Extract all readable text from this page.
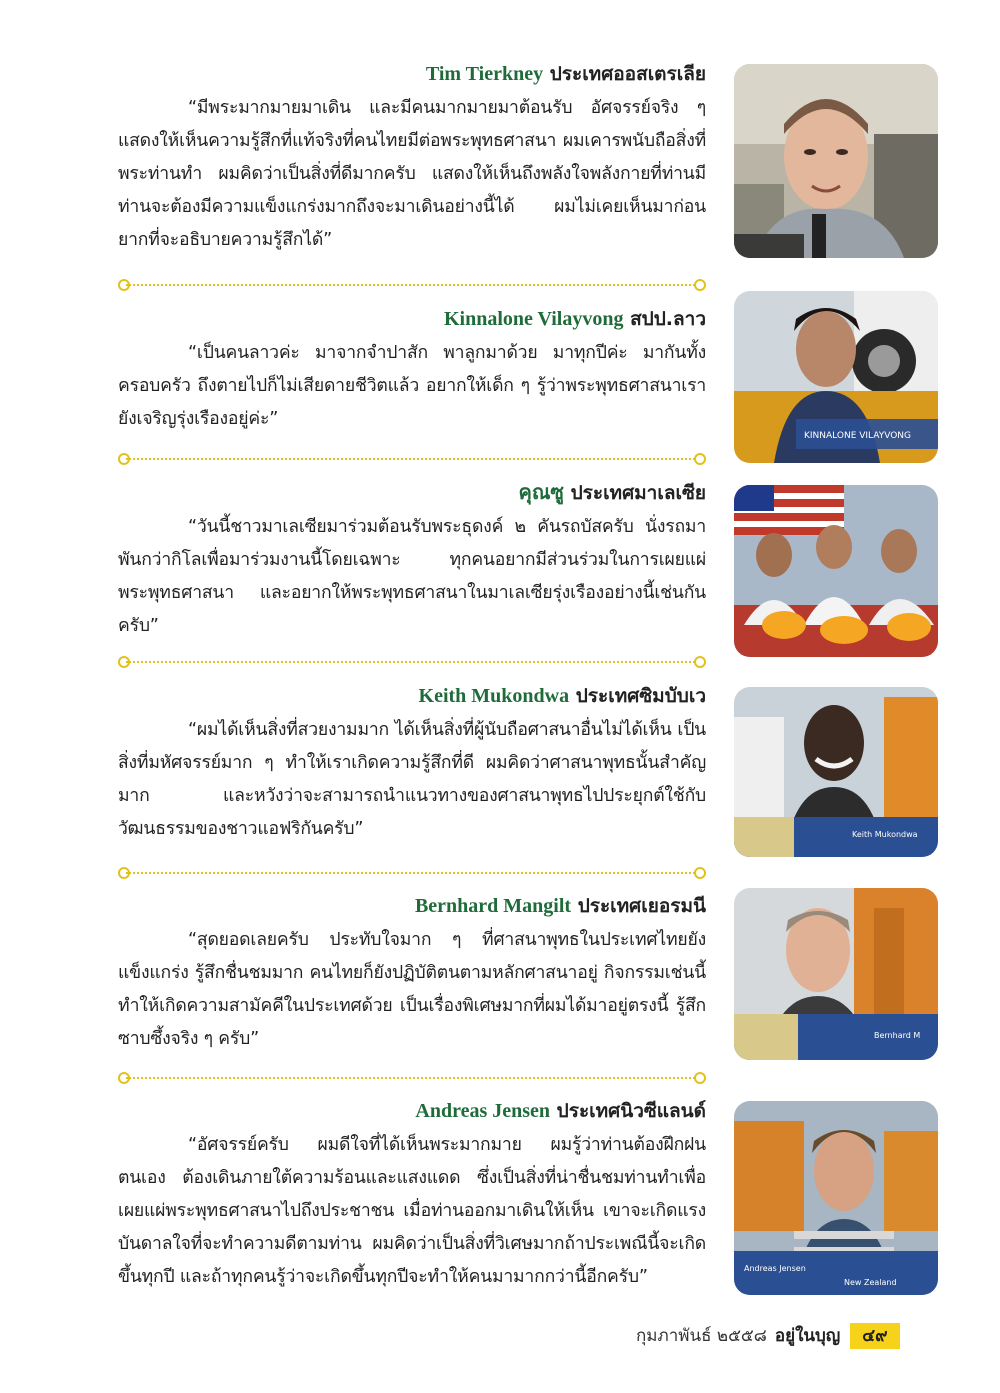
Tim Tierkney ประเทศออสเตรเลีย

“มีพระมากมายมาเดิน และมีคนมากมายมาต้อนรับ อัศจรรย์จริง ๆ แสดงให้เห็นความรู้สึกที่แท้จริงที่คนไทยมีต่อพระพุทธศาสนา ผมเคารพนับถือสิ่งที่พระท่านทำ ผมคิดว่าเป็นสิ่งที่ดีมากครับ แสดงให้เห็นถึงพลังใจพลังกายที่ท่านมี ท่านจะต้องมีความแข็งแกร่งมากถึงจะมาเดินอย่างนี้ได้ ผมไม่เคยเห็นมาก่อน ยากที่จะอธิบายความรู้สึกได้”

Kinnalone Vilayvong สปป.ลาว

“เป็นคนลาวค่ะ มาจากจำปาสัก พาลูกมาด้วย มาทุกปีค่ะ มากันทั้งครอบครัว ถึงตายไปก็ไม่เสียดายชีวิตแล้ว อยากให้เด็ก ๆ รู้ว่าพระพุทธศาสนาเรายังเจริญรุ่งเรืองอยู่ค่ะ”

KINNALONE VILAYVONG

คุณซู ประเทศมาเลเซีย

“วันนี้ชาวมาเลเซียมาร่วมต้อนรับพระธุดงค์ ๒ คันรถบัสครับ นั่งรถมาพันกว่ากิโลเพื่อมาร่วมงานนี้โดยเฉพาะ ทุกคนอยากมีส่วนร่วมในการเผยแผ่พระพุทธศาสนา และอยากให้พระพุทธศาสนาในมาเลเซียรุ่งเรืองอย่างนี้เช่นกันครับ”

Keith Mukondwa ประเทศซิมบับเว

“ผมได้เห็นสิ่งที่สวยงามมาก ได้เห็นสิ่งที่ผู้นับถือศาสนาอื่นไม่ได้เห็น เป็นสิ่งที่มหัศจรรย์มาก ๆ ทำให้เราเกิดความรู้สึกที่ดี ผมคิดว่าศาสนาพุทธนั้นสำคัญมาก และหวังว่าจะสามารถนำแนวทางของศาสนาพุทธไปประยุกต์ใช้กับวัฒนธรรมของชาวแอฟริกันครับ”	Keith Mukondwa

Bernhard Mangilt ประเทศเยอรมนี

“สุดยอดเลยครับ ประทับใจมาก ๆ ที่ศาสนาพุทธในประเทศไทยยังแข็งแกร่ง รู้สึกชื่นชมมาก คนไทยก็ยังปฏิบัติตนตามหลักศาสนาอยู่ กิจกรรมเช่นนี้ทำให้เกิดความสามัคคีในประเทศด้วย เป็นเรื่องพิเศษมากที่ผมได้มาอยู่ตรงนี้ รู้สึกซาบซึ้งจริง ๆ ครับ”	Bernhard M

Andreas Jensen ประเทศนิวซีแลนด์

“อัศจรรย์ครับ ผมดีใจที่ได้เห็นพระมากมาย ผมรู้ว่าท่านต้องฝึกฝนตนเอง ต้องเดินภายใต้ความร้อนและแสงแดด ซึ่งเป็นสิ่งที่น่าชื่นชมท่านทำเพื่อเผยแผ่พระพุทธศาสนาไปถึงประชาชน เมื่อท่านออกมาเดินให้เห็น เขาจะเกิดแรงบันดาลใจที่จะทำความดีตามท่าน ผมคิดว่าเป็นสิ่งที่วิเศษมากถ้าประเพณีนี้จะเกิดขึ้นทุกปี และถ้าทุกคนรู้ว่าจะเกิดขึ้นทุกปีจะทำให้คนมามากกว่านี้อีกครับ”	Andreas Jensen
New Zealand
กุมภาพันธ์ ๒๕๕๘ อยู่ในบุญ ๔๙
